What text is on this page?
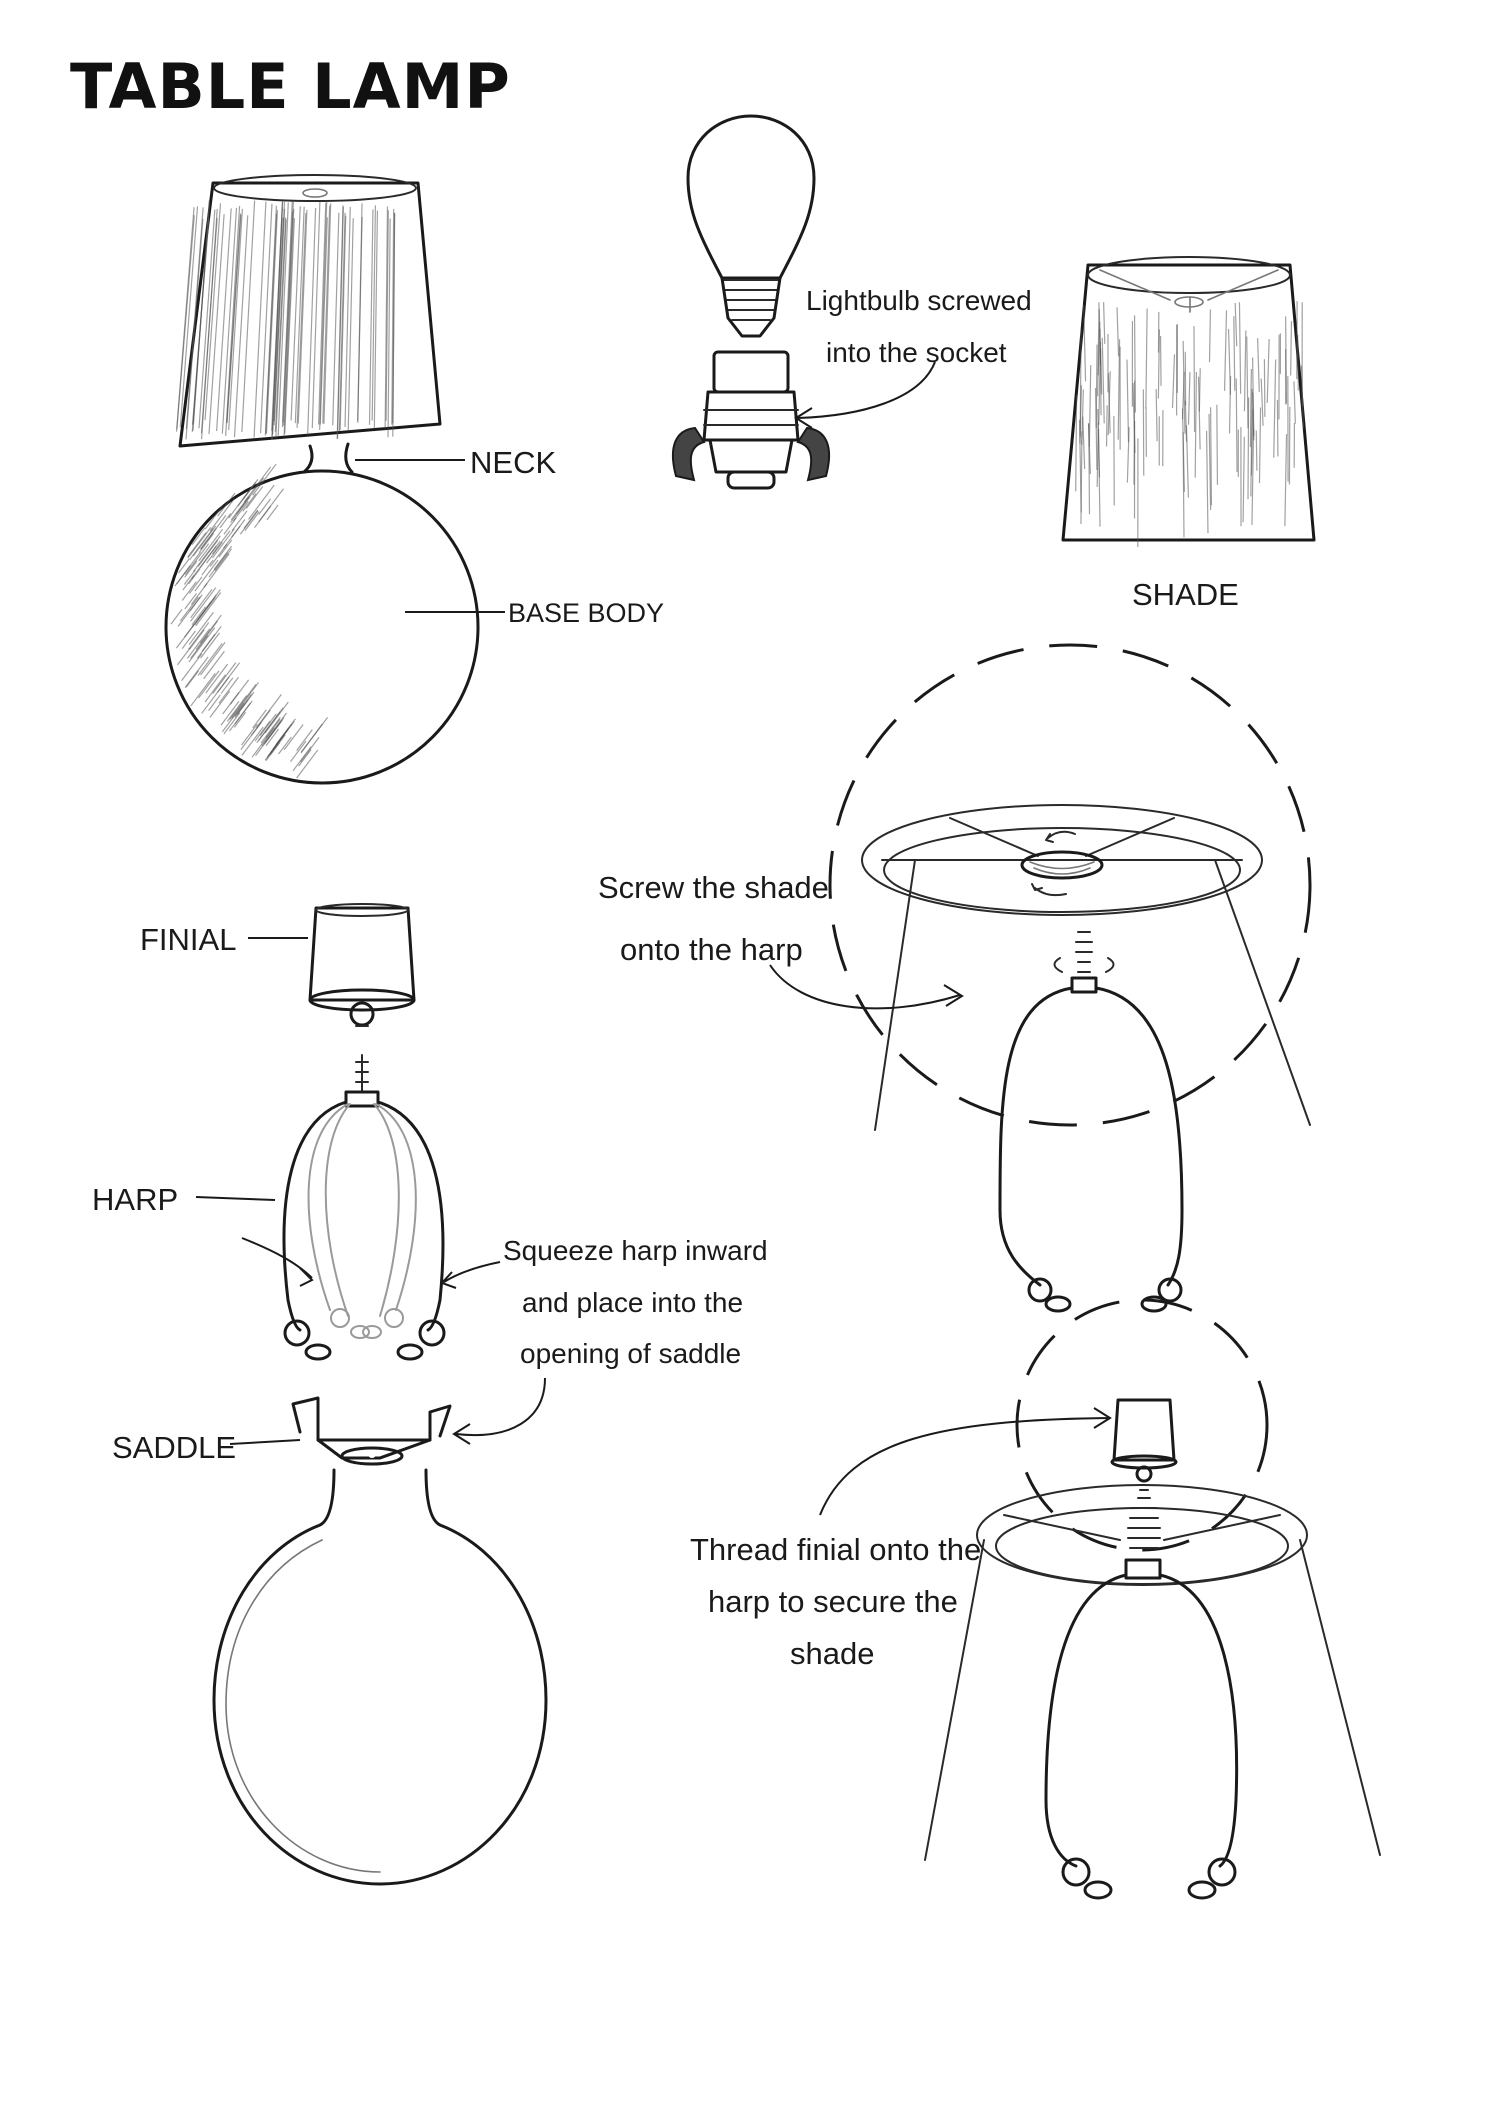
TABLE LAMP
NECK
BASE BODY
Lightbulb screwed
into the socket
SHADE
Screw the shade
onto the harp
FINIAL
HARP
Squeeze harp inward
and place into the
opening of saddle
SADDLE
Thread finial onto the
harp to secure the
shade
